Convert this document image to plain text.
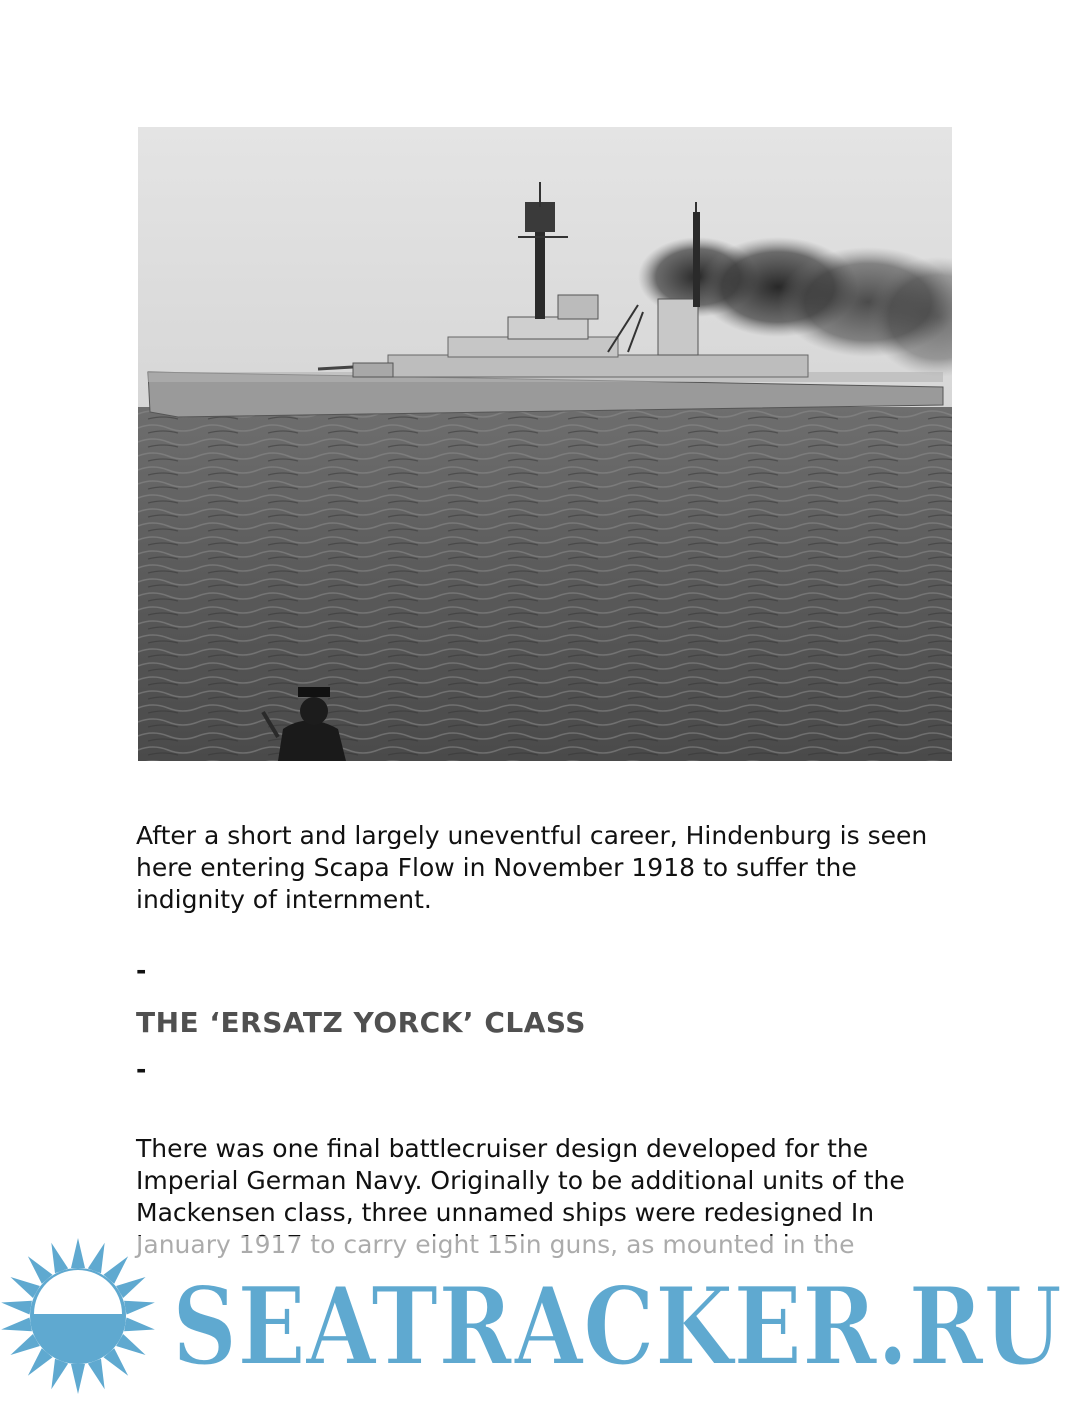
After a short and largely uneventful career, Hindenburg is seen here entering Scapa Flow in November 1918 to suffer the indignity of internment.

-
THE ‘ERSATZ YORCK’ CLASS
-

There was one final battlecruiser design developed for the Imperial German Navy. Originally to be additional units of the Mackensen class, three unnamed ships were redesigned In

SEATRACKER.RU
